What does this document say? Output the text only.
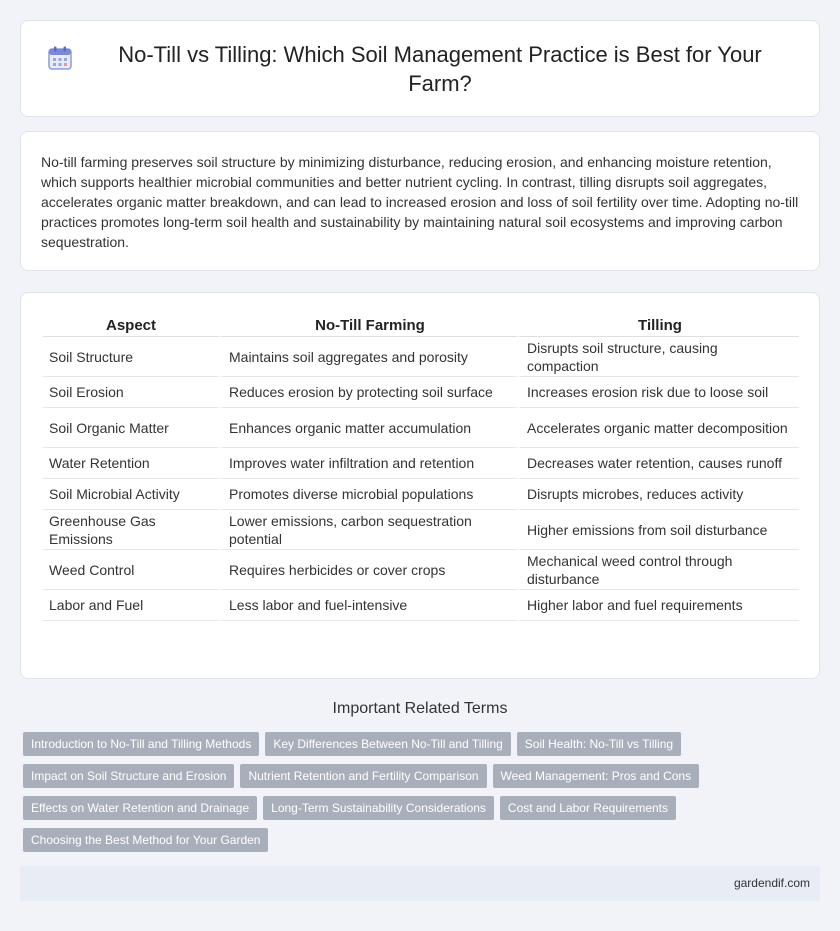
No-Till vs Tilling: Which Soil Management Practice is Best for Your Farm?

No-till farming preserves soil structure by minimizing disturbance, reducing erosion, and enhancing moisture retention, which supports healthier microbial communities and better nutrient cycling. In contrast, tilling disrupts soil aggregates, accelerates organic matter breakdown, and can lead to increased erosion and loss of soil fertility over time. Adopting no-till practices promotes long-term soil health and sustainability by maintaining natural soil ecosystems and improving carbon sequestration.

Aspect	No-Till Farming	Tilling
Soil Structure	Maintains soil aggregates and porosity	Disrupts soil structure, causing compaction
Soil Erosion	Reduces erosion by protecting soil surface	Increases erosion risk due to loose soil
Soil Organic Matter	Enhances organic matter accumulation	Accelerates organic matter decomposition
Water Retention	Improves water infiltration and retention	Decreases water retention, causes runoff
Soil Microbial Activity	Promotes diverse microbial populations	Disrupts microbes, reduces activity
Greenhouse Gas Emissions	Lower emissions, carbon sequestration potential	Higher emissions from soil disturbance
Weed Control	Requires herbicides or cover crops	Mechanical weed control through disturbance
Labor and Fuel	Less labor and fuel-intensive	Higher labor and fuel requirements
Important Related Terms
Introduction to No-Till and Tilling Methods	Key Differences Between No-Till and Tilling	Soil Health: No-Till vs Tilling
Impact on Soil Structure and Erosion	Nutrient Retention and Fertility Comparison	Weed Management: Pros and Cons
Effects on Water Retention and Drainage	Long-Term Sustainability Considerations	Cost and Labor Requirements
Choosing the Best Method for Your Garden
gardendif.com
